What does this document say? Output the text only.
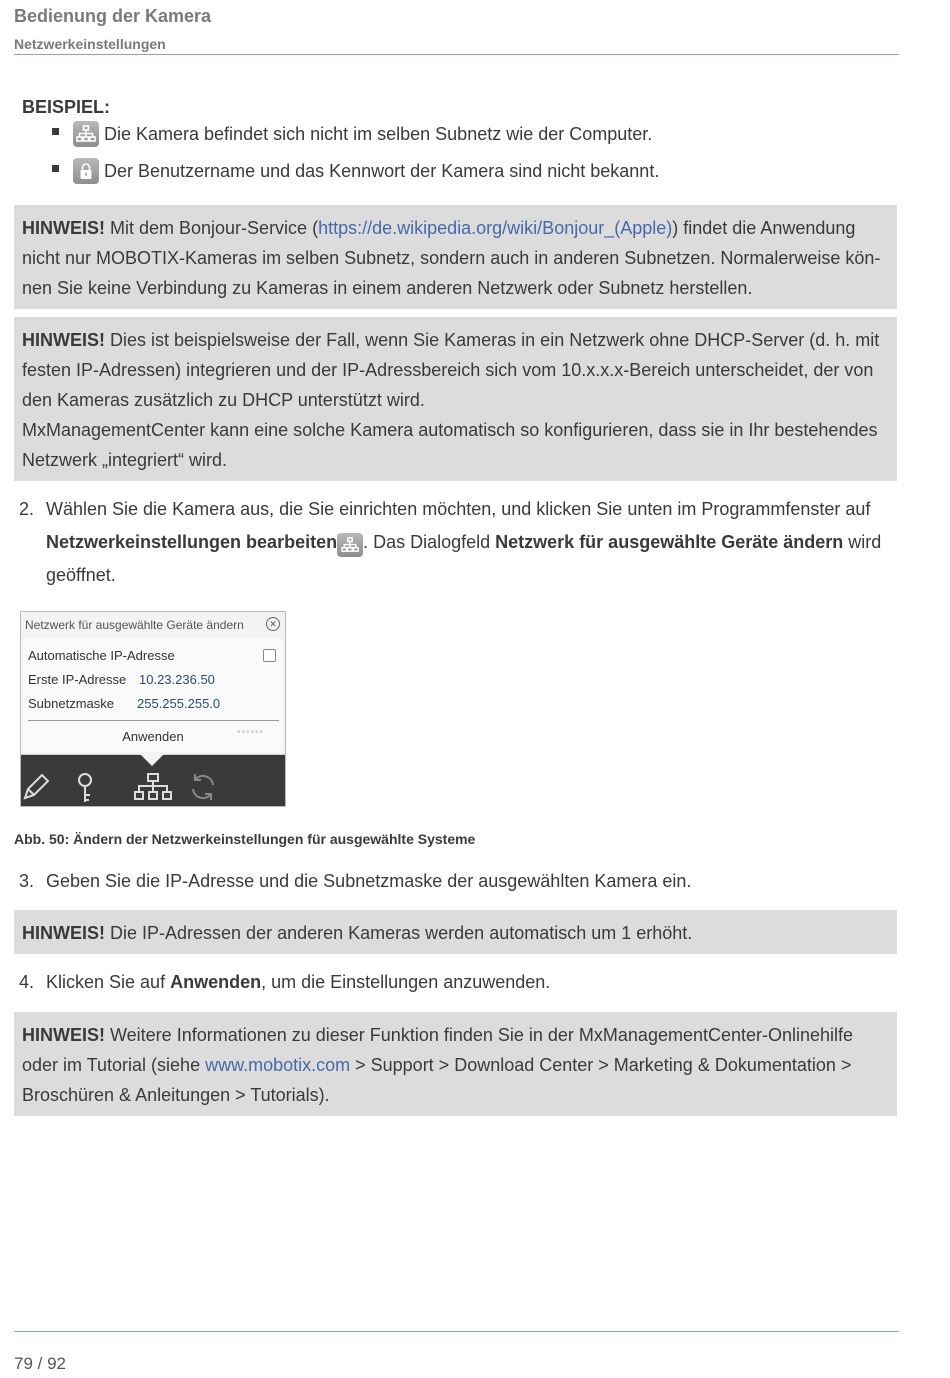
Bedienung der Kamera
Netzwerkeinstellungen
BEISPIEL:
Die Kamera befindet sich nicht im selben Subnetz wie der Computer.
Der Benutzername und das Kennwort der Kamera sind nicht bekannt.
HINWEIS! Mit dem Bonjour-Service (https://de.wikipedia.org/wiki/Bonjour_(Apple)) findet die Anwendung nicht nur MOBOTIX-Kameras im selben Subnetz, sondern auch in anderen Subnetzen. Normalerweise kön-nen Sie keine Verbindung zu Kameras in einem anderen Netzwerk oder Subnetz herstellen.
HINWEIS! Dies ist beispielsweise der Fall, wenn Sie Kameras in ein Netzwerk ohne DHCP-Server (d. h. mit festen IP-Adressen) integrieren und der IP-Adressbereich sich vom 10.x.x.x-Bereich unterscheidet, der von den Kameras zusätzlich zu DHCP unterstützt wird.
MxManagementCenter kann eine solche Kamera automatisch so konfigurieren, dass sie in Ihr bestehendes Netzwerk „integriert“ wird.
2. Wählen Sie die Kamera aus, die Sie einrichten möchten, und klicken Sie unten im Programmfenster auf Netzwerkeinstellungen bearbeiten . Das Dialogfeld Netzwerk für ausgewählte Geräte ändern wird geöffnet.
Netzwerk für ausgewählte Geräte ändern	✕
Automatische IP-Adresse
Erste IP-Adresse 10.23.236.50
Subnetzmaske 255.255.255.0
Anwenden	••••••
Abb. 50: Ändern der Netzwerkeinstellungen für ausgewählte Systeme
3. Geben Sie die IP-Adresse und die Subnetzmaske der ausgewählten Kamera ein.
HINWEIS! Die IP-Adressen der anderen Kameras werden automatisch um 1 erhöht.
4. Klicken Sie auf Anwenden, um die Einstellungen anzuwenden.
HINWEIS! Weitere Informationen zu dieser Funktion finden Sie in der MxManagementCenter-Onlinehilfe oder im Tutorial (siehe www.mobotix.com > Support > Download Center > Marketing & Dokumentation > Broschüren & Anleitungen > Tutorials).
79 / 92
